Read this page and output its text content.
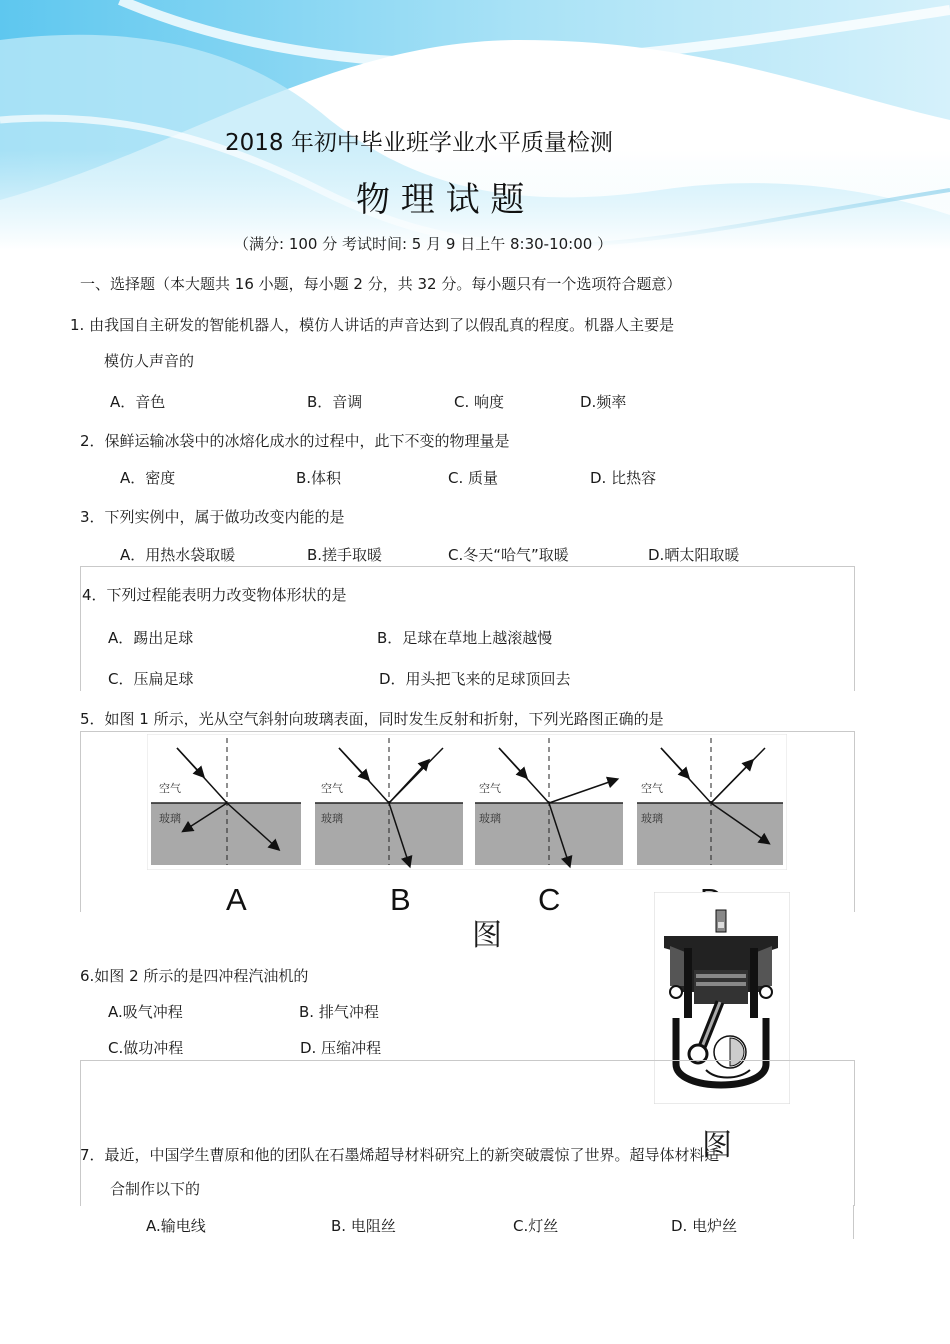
2018 年初中毕业班学业水平质量检测
物 理 试 题
（满分: 100 分 考试时间: 5 月 9 日上午 8:30-10:00 ）
一、选择题（本大题共 16 小题，每小题 2 分，共 32 分。每小题只有一个选项符合题意）
1. 由我国自主研发的智能机器人，模仿人讲话的声音达到了以假乱真的程度。机器人主要是
模仿人声音的
A．音色	B．音调	C. 响度	D.频率
2．保鲜运输冰袋中的冰熔化成水的过程中，此下不变的物理量是
A．密度	B.体积	C. 质量	D. 比热容
3．下列实例中，属于做功改变内能的是
A．用热水袋取暖	B.搓手取暖	C.冬天“哈气”取暖	D.晒太阳取暖
4．下列过程能表明力改变物体形状的是
A．踢出足球	B．足球在草地上越滚越慢
C．压扁足球	D．用头把飞来的足球顶回去
5．如图 1 所示，光从空气斜射向玻璃表面，同时发生反射和折射，下列光路图正确的是
空气
玻璃
空气
玻璃
空气
玻璃
空气
玻璃
A	B	C
图
6.如图 2 所示的是四冲程汽油机的
A.吸气冲程	B. 排气冲程
C.做功冲程	D. 压缩冲程
图
7．最近，中国学生曹原和他的团队在石墨烯超导材料研究上的新突破震惊了世界。超导体材料适
合制作以下的
A.输电线	B. 电阻丝	C.灯丝	D. 电炉丝
